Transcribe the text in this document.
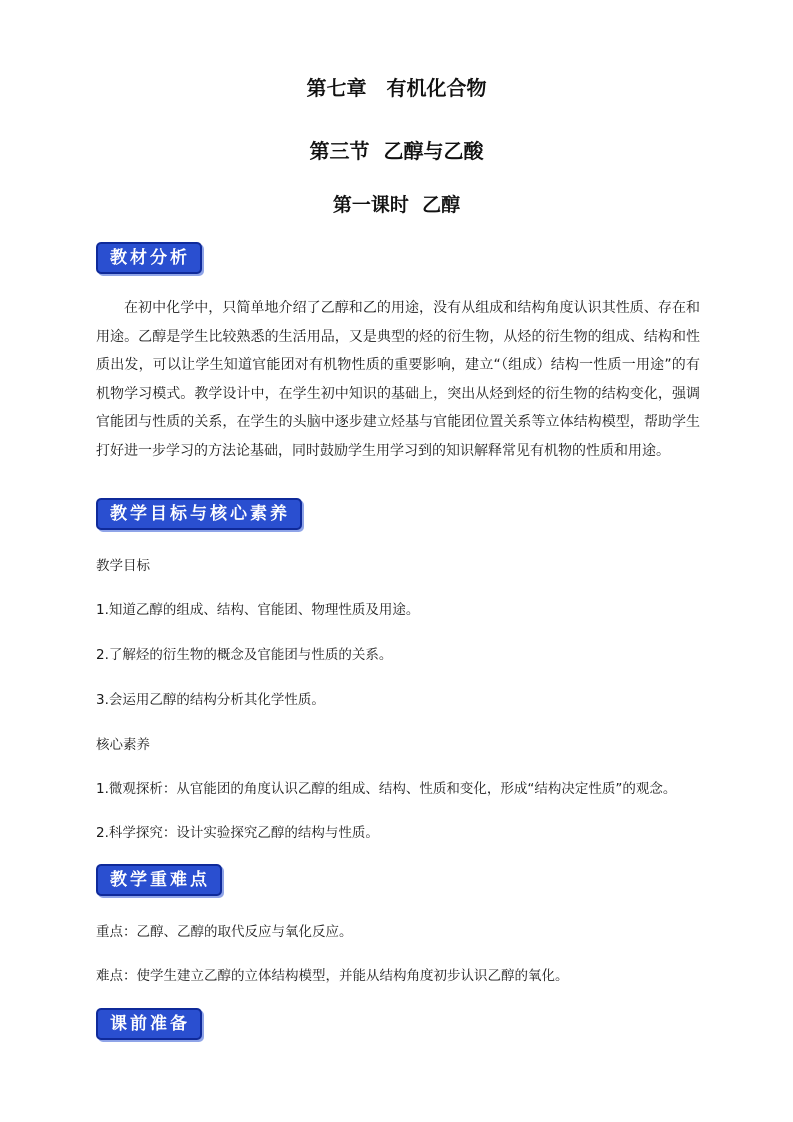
第七章　有机化合物
第三节  乙醇与乙酸
第一课时  乙醇
教材分析
在初中化学中，只简单地介绍了乙醇和乙的用途，没有从组成和结构角度认识其性质、存在和用途。乙醇是学生比较熟悉的生活用品，又是典型的烃的衍生物，从烃的衍生物的组成、结构和性质出发，可以让学生知道官能团对有机物性质的重要影响，建立“（组成）结构一性质一用途”的有机物学习模式。教学设计中，在学生初中知识的基础上，突出从烃到烃的衍生物的结构变化，强调官能团与性质的关系，在学生的头脑中逐步建立烃基与官能团位置关系等立体结构模型，帮助学生打好进一步学习的方法论基础，同时鼓励学生用学习到的知识解释常见有机物的性质和用途。
教学目标与核心素养
教学目标
1.知道乙醇的组成、结构、官能团、物理性质及用途。
2.了解烃的衍生物的概念及官能团与性质的关系。
3.会运用乙醇的结构分析其化学性质。
核心素养
1.微观探析：从官能团的角度认识乙醇的组成、结构、性质和变化，形成“结构决定性质”的观念。
2.科学探究：设计实验探究乙醇的结构与性质。
教学重难点
重点：乙醇、乙醇的取代反应与氧化反应。
难点：使学生建立乙醇的立体结构模型，并能从结构角度初步认识乙醇的氧化。
课前准备
